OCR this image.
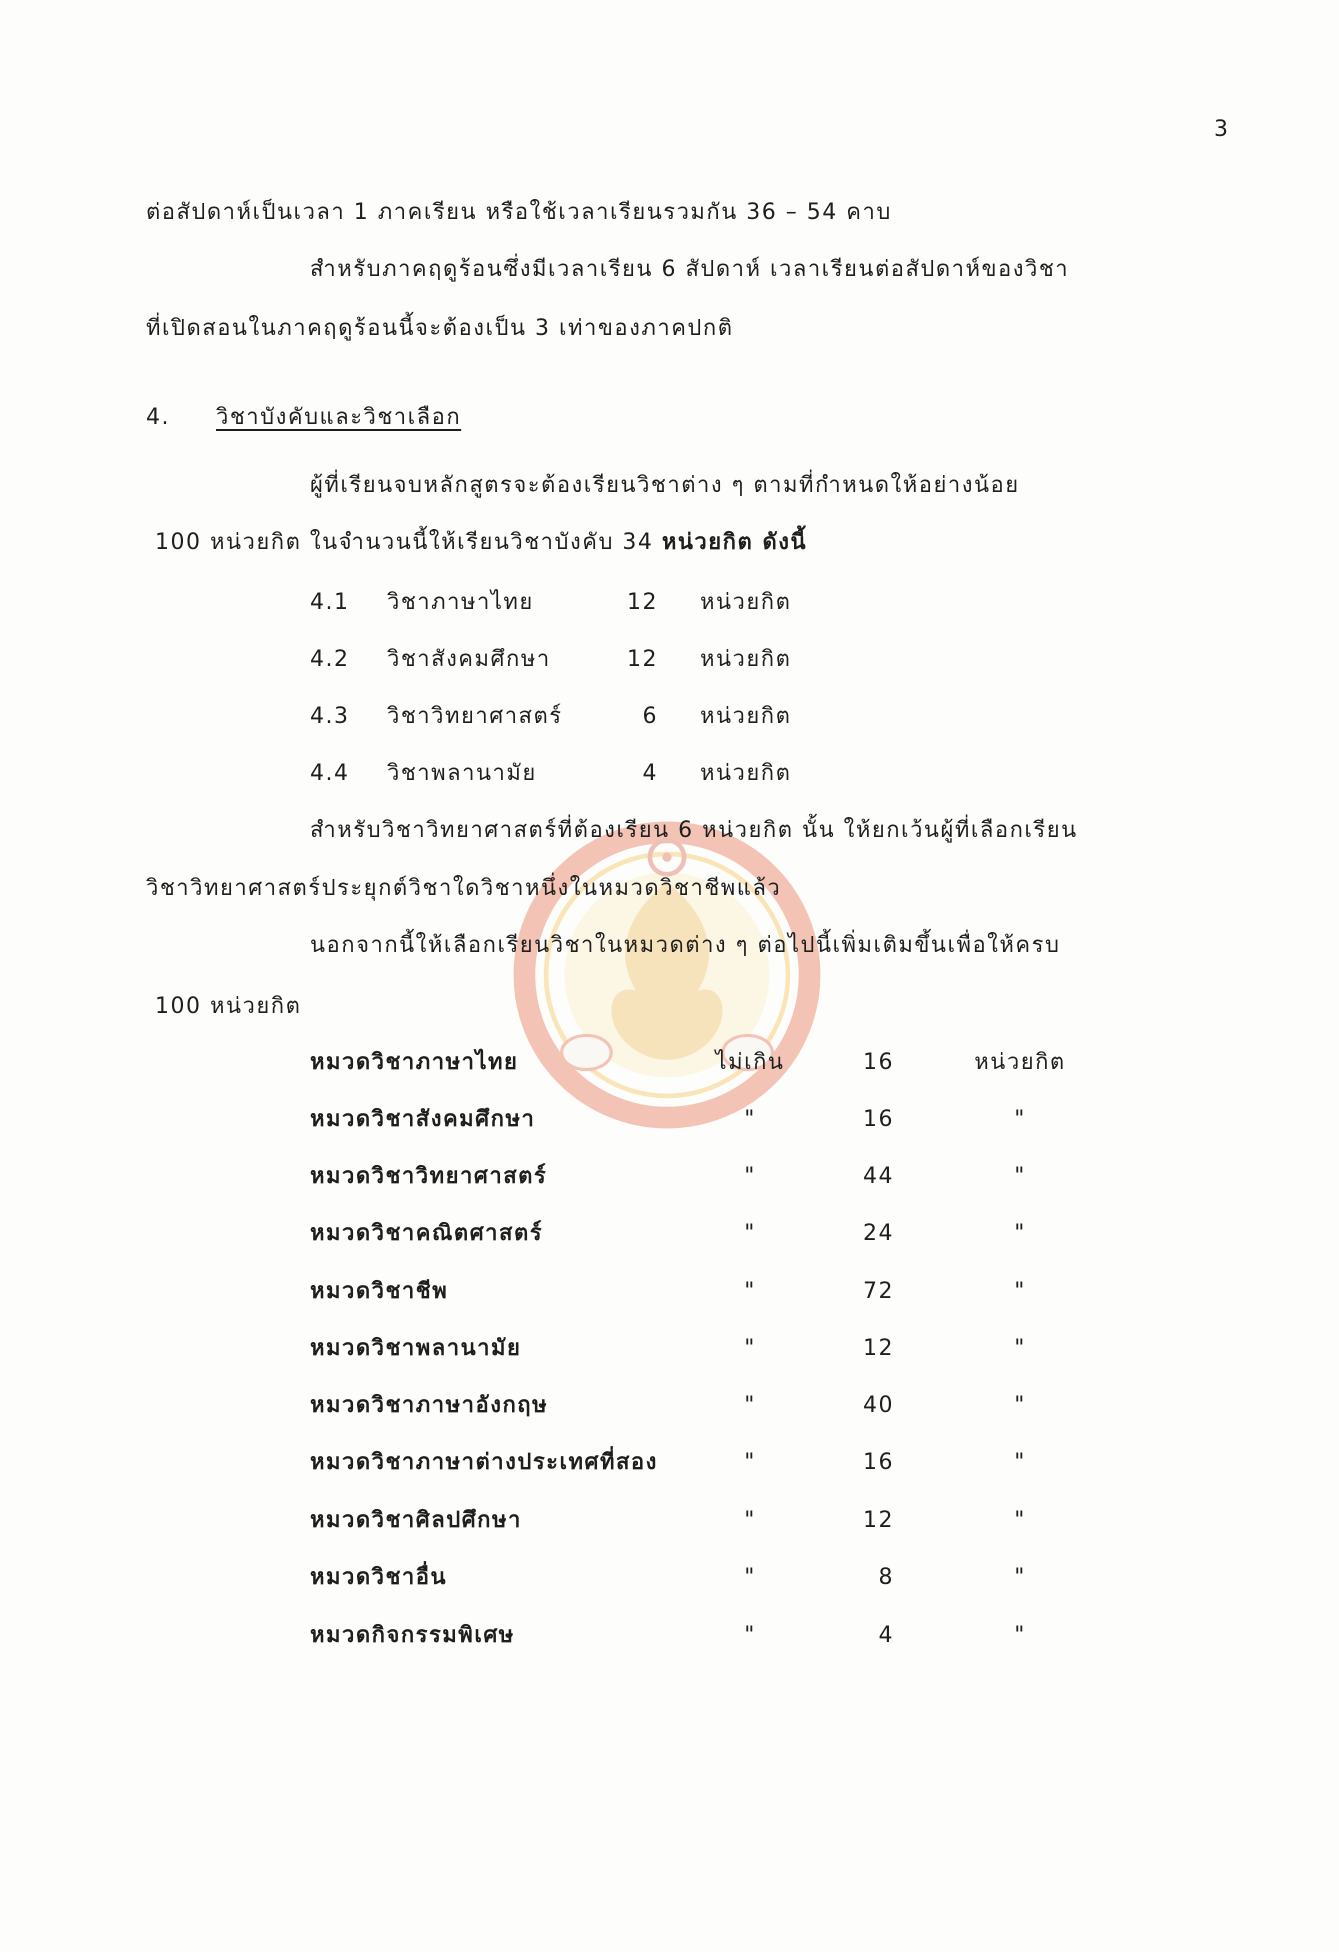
3
ต่อสัปดาห์เป็นเวลา 1 ภาคเรียน หรือใช้เวลาเรียนรวมกัน 36 – 54 คาบ
สำหรับภาคฤดูร้อนซึ่งมีเวลาเรียน 6 สัปดาห์ เวลาเรียนต่อสัปดาห์ของวิชา
ที่เปิดสอนในภาคฤดูร้อนนี้จะต้องเป็น 3 เท่าของภาคปกติ
4. วิชาบังคับและวิชาเลือก
ผู้ที่เรียนจบหลักสูตรจะต้องเรียนวิชาต่าง ๆ ตามที่กำหนดให้อย่างน้อย
100 หน่วยกิต ในจำนวนนี้ให้เรียนวิชาบังคับ 34 หน่วยกิต ดังนี้
4.1 วิชาภาษาไทย	12 หน่วยกิต
4.2 วิชาสังคมศึกษา	12 หน่วยกิต
4.3 วิชาวิทยาศาสตร์	6 หน่วยกิต
4.4 วิชาพลานามัย	4 หน่วยกิต
สำหรับวิชาวิทยาศาสตร์ที่ต้องเรียน 6 หน่วยกิต นั้น ให้ยกเว้นผู้ที่เลือกเรียน
วิชาวิทยาศาสตร์ประยุกต์วิชาใดวิชาหนึ่งในหมวดวิชาชีพแล้ว
นอกจากนี้ให้เลือกเรียนวิชาในหมวดต่าง ๆ ต่อไปนี้เพิ่มเติมขึ้นเพื่อให้ครบ
100 หน่วยกิต
หมวดวิชาภาษาไทย	ไม่เกิน	16	หน่วยกิต
หมวดวิชาสังคมศึกษา	"	16	"
หมวดวิชาวิทยาศาสตร์	"	44	"
หมวดวิชาคณิตศาสตร์	"	24	"
หมวดวิชาชีพ	"	72	"
หมวดวิชาพลานามัย	"	12	"
หมวดวิชาภาษาอังกฤษ	"	40	"
หมวดวิชาภาษาต่างประเทศที่สอง	"	16	"
หมวดวิชาศิลปศึกษา	"	12	"
หมวดวิชาอื่น	"	8	"
หมวดกิจกรรมพิเศษ	"	4	"
